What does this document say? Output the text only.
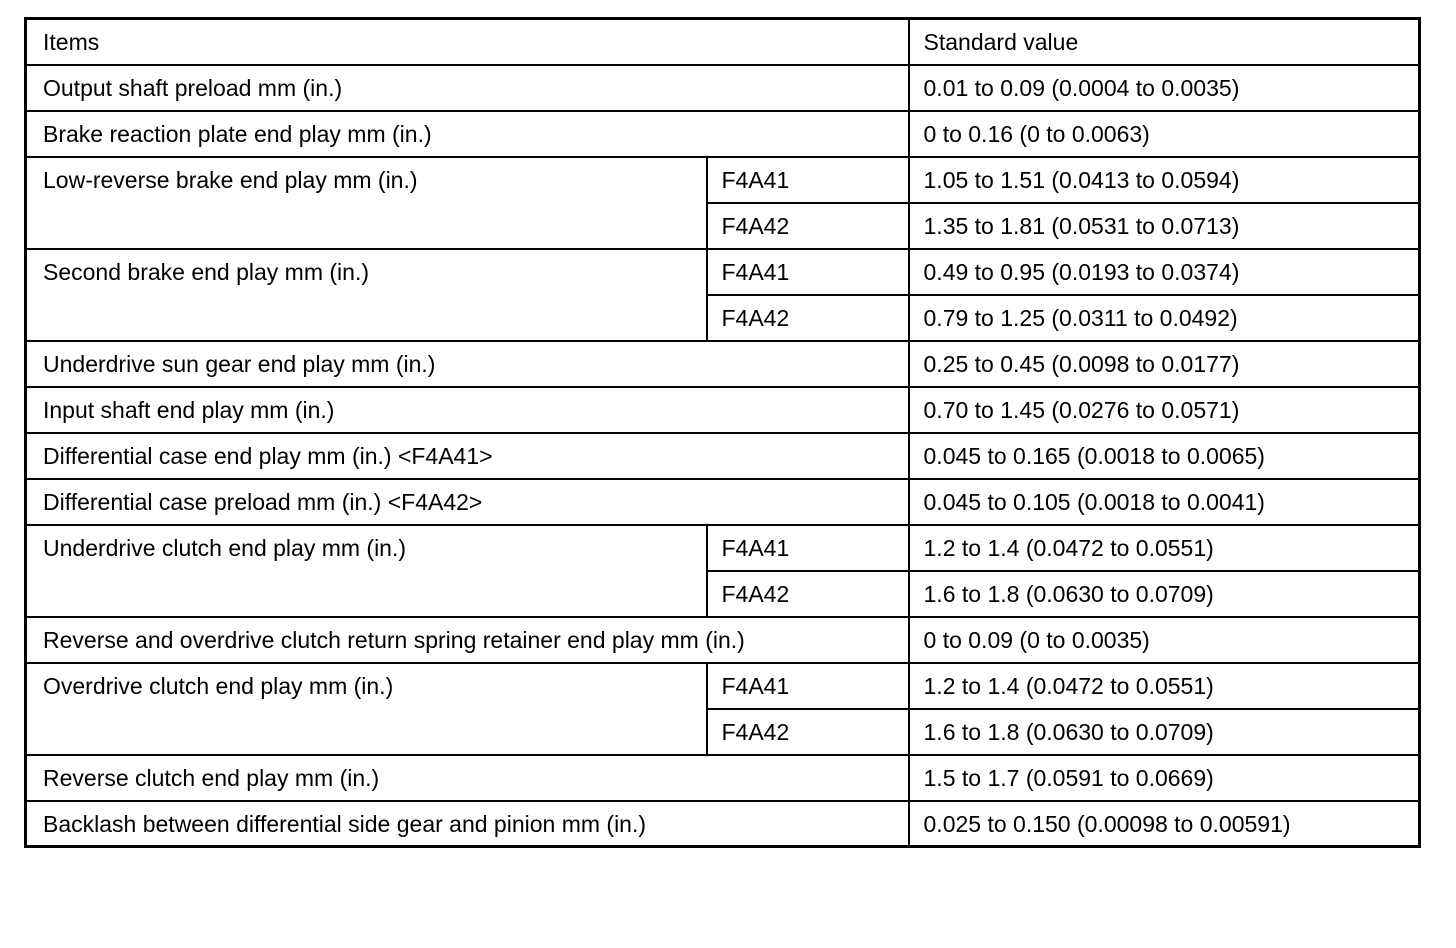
Items		Standard value
Output shaft preload mm (in.)		0.01 to 0.09 (0.0004 to 0.0035)
Brake reaction plate end play mm (in.)		0 to 0.16 (0 to 0.0063)
Low-reverse brake end play mm (in.)	F4A41	1.05 to 1.51 (0.0413 to 0.0594)
	F4A42	1.35 to 1.81 (0.0531 to 0.0713)
Second brake end play mm (in.)	F4A41	0.49 to 0.95 (0.0193 to 0.0374)
	F4A42	0.79 to 1.25 (0.0311 to 0.0492)
Underdrive sun gear end play mm (in.)		0.25 to 0.45 (0.0098 to 0.0177)
Input shaft end play mm (in.)		0.70 to 1.45 (0.0276 to 0.0571)
Differential case end play mm (in.) <F4A41>		0.045 to 0.165 (0.0018 to 0.0065)
Differential case preload mm (in.) <F4A42>		0.045 to 0.105 (0.0018 to 0.0041)
Underdrive clutch end play mm (in.)	F4A41	1.2 to 1.4 (0.0472 to 0.0551)
	F4A42	1.6 to 1.8 (0.0630 to 0.0709)
Reverse and overdrive clutch return spring retainer end play mm (in.)		0 to 0.09 (0 to 0.0035)
Overdrive clutch end play mm (in.)	F4A41	1.2 to 1.4 (0.0472 to 0.0551)
	F4A42	1.6 to 1.8 (0.0630 to 0.0709)
Reverse clutch end play mm (in.)		1.5 to 1.7 (0.0591 to 0.0669)
Backlash between differential side gear and pinion mm (in.)		0.025 to 0.150 (0.00098 to 0.00591)
